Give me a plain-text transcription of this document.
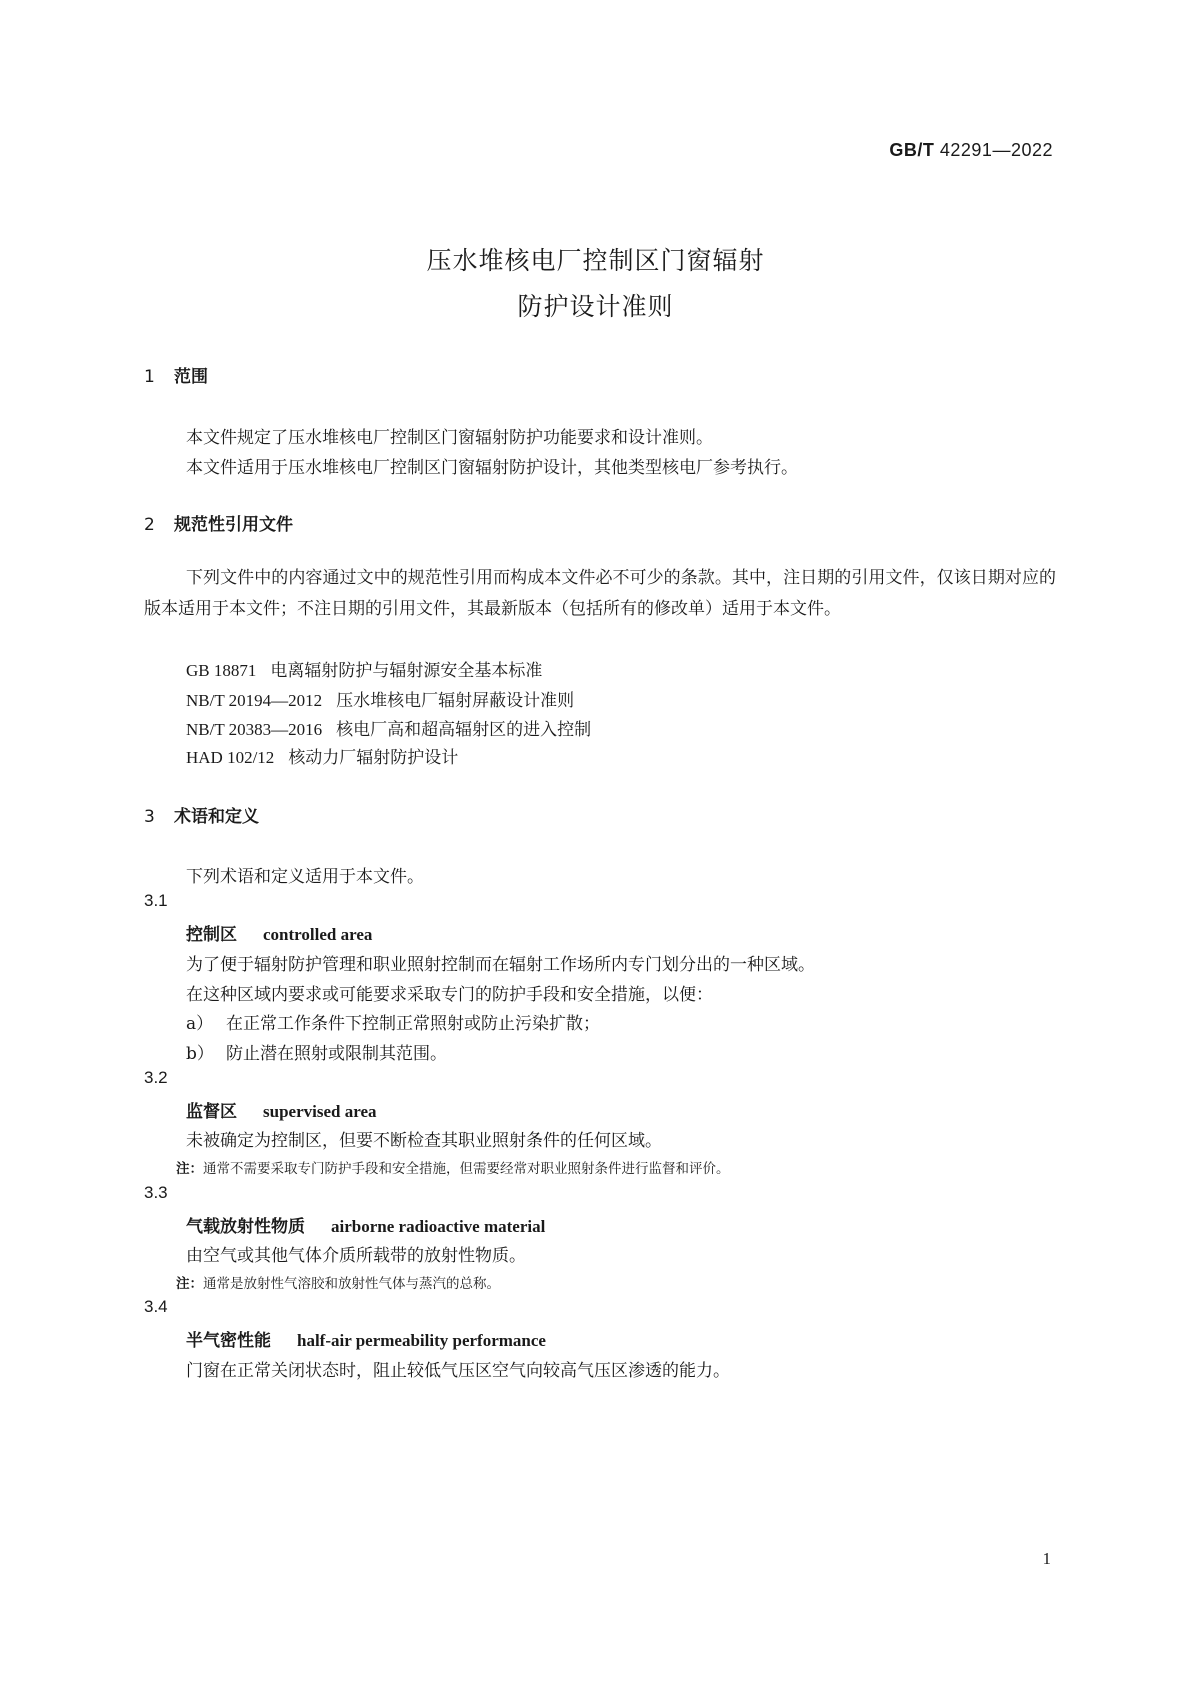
GB/T 42291—2022
压水堆核电厂控制区门窗辐射
防护设计准则
1 范围
本文件规定了压水堆核电厂控制区门窗辐射防护功能要求和设计准则。
本文件适用于压水堆核电厂控制区门窗辐射防护设计，其他类型核电厂参考执行。
2 规范性引用文件
下列文件中的内容通过文中的规范性引用而构成本文件必不可少的条款。其中，注日期的引用文件，仅该日期对应的版本适用于本文件；不注日期的引用文件，其最新版本（包括所有的修改单）适用于本文件。
GB 18871 电离辐射防护与辐射源安全基本标准
NB/T 20194—2012 压水堆核电厂辐射屏蔽设计准则
NB/T 20383—2016 核电厂高和超高辐射区的进入控制
HAD 102/12 核动力厂辐射防护设计
3 术语和定义
下列术语和定义适用于本文件。
3.1
控制区 controlled area
为了便于辐射防护管理和职业照射控制而在辐射工作场所内专门划分出的一种区域。
在这种区域内要求或可能要求采取专门的防护手段和安全措施，以便：
a） 在正常工作条件下控制正常照射或防止污染扩散；
b） 防止潜在照射或限制其范围。
3.2
监督区 supervised area
未被确定为控制区，但要不断检查其职业照射条件的任何区域。
注：通常不需要采取专门防护手段和安全措施，但需要经常对职业照射条件进行监督和评价。
3.3
气载放射性物质 airborne radioactive material
由空气或其他气体介质所载带的放射性物质。
注：通常是放射性气溶胶和放射性气体与蒸汽的总称。
3.4
半气密性能 half-air permeability performance
门窗在正常关闭状态时，阻止较低气压区空气向较高气压区渗透的能力。
1
